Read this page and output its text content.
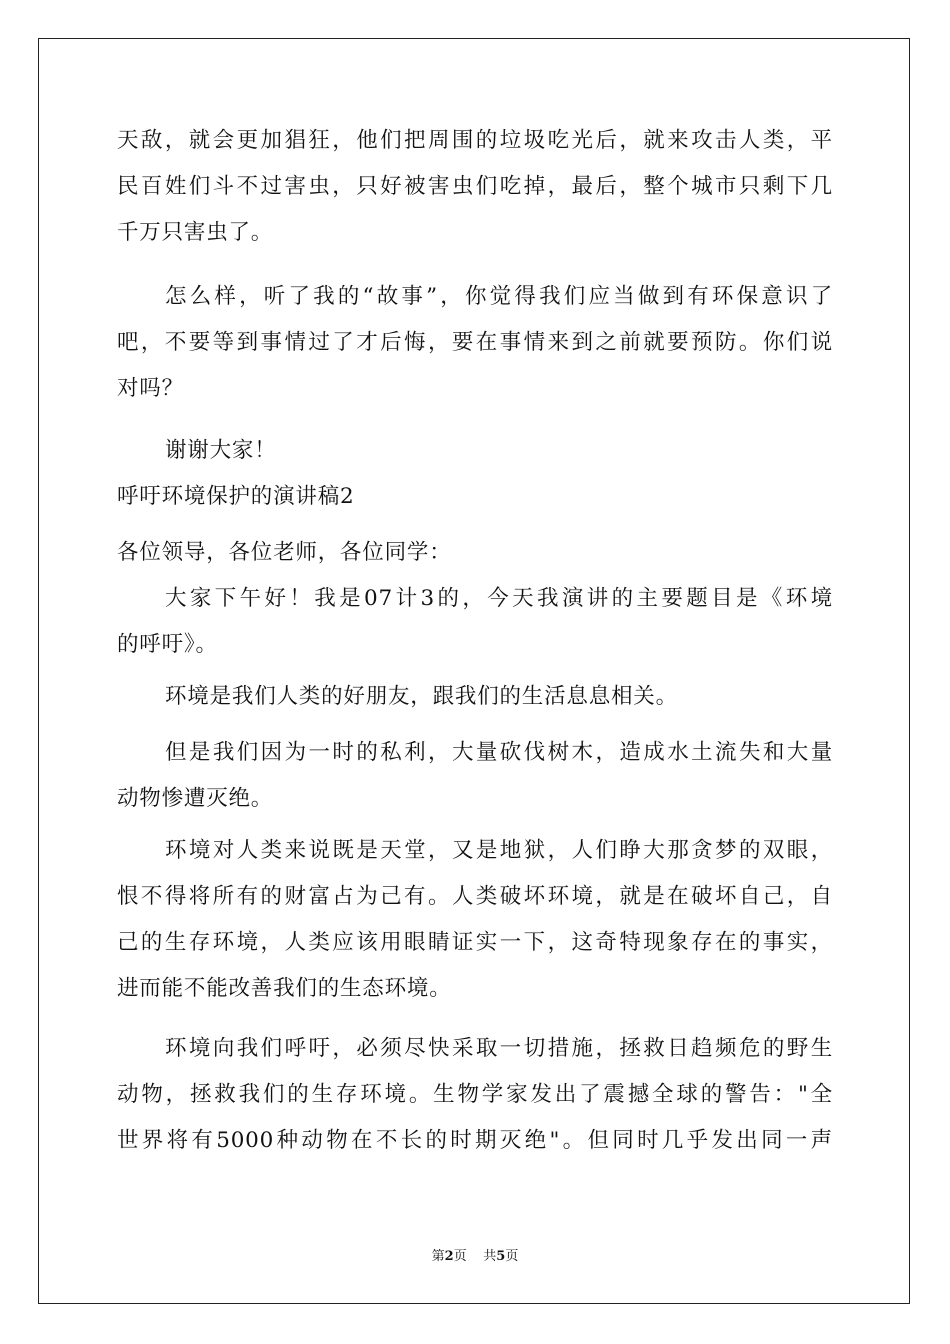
天敌，就会更加猖狂，他们把周围的垃圾吃光后，就来攻击人类，平
民百姓们斗不过害虫，只好被害虫们吃掉，最后，整个城市只剩下几
千万只害虫了。
怎么样，听了我的“故事”，你觉得我们应当做到有环保意识了
吧，不要等到事情过了才后悔，要在事情来到之前就要预防。你们说
对吗？
谢谢大家！
呼吁环境保护的演讲稿2
各位领导，各位老师，各位同学：
大家下午好！我是07计3的，今天我演讲的主要题目是《环境
的呼吁》。
环境是我们人类的好朋友，跟我们的生活息息相关。
但是我们因为一时的私利，大量砍伐树木，造成水土流失和大量
动物惨遭灭绝。
环境对人类来说既是天堂，又是地狱，人们睁大那贪梦的双眼，
恨不得将所有的财富占为己有。人类破坏环境，就是在破坏自己，自
己的生存环境，人类应该用眼睛证实一下，这奇特现象存在的事实，
进而能不能改善我们的生态环境。
环境向我们呼吁，必须尽快采取一切措施，拯救日趋频危的野生
动物，拯救我们的生存环境。生物学家发出了震撼全球的警告："全
世界将有5000种动物在不长的时期灭绝"。但同时几乎发出同一声
第2页 共5页
